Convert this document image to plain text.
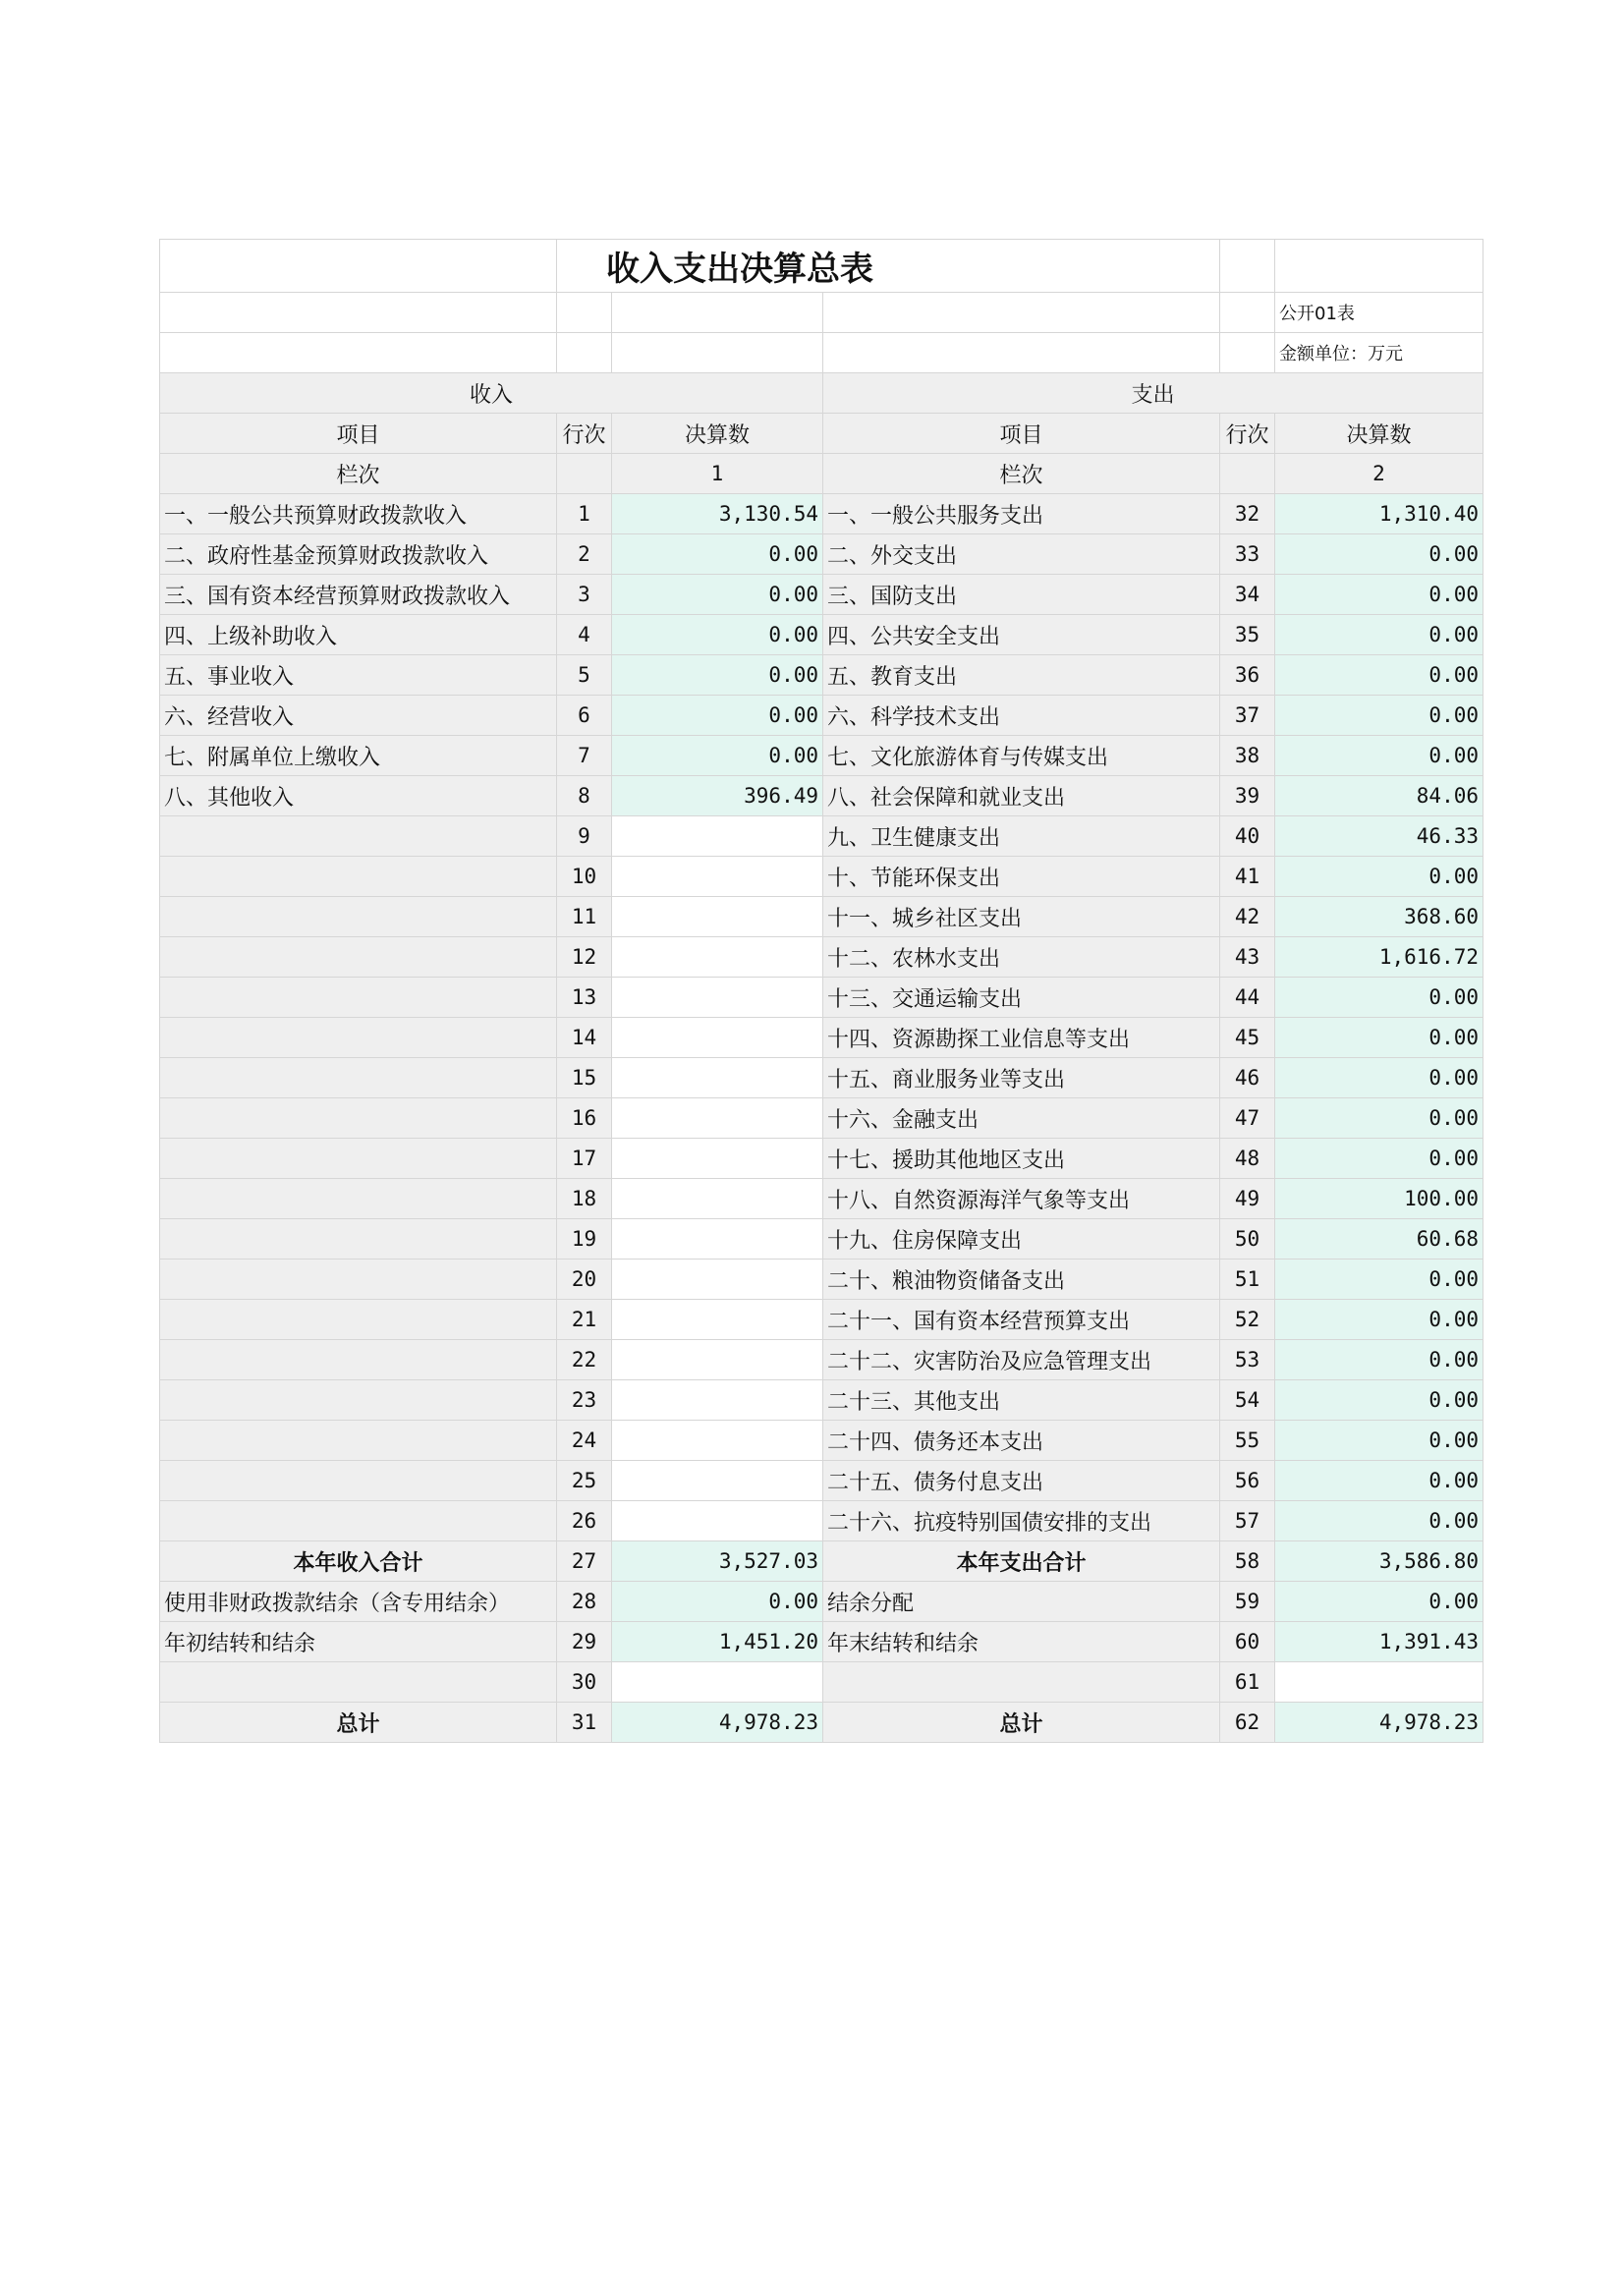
	收入支出决算总表				
					公开01表
					金额单位：万元
收入			支出		
项目	行次	决算数	项目	行次	决算数
栏次		1	栏次		2
一、一般公共预算财政拨款收入	1	3,130.54	一、一般公共服务支出	32	1,310.40
二、政府性基金预算财政拨款收入	2	0.00	二、外交支出	33	0.00
三、国有资本经营预算财政拨款收入	3	0.00	三、国防支出	34	0.00
四、上级补助收入	4	0.00	四、公共安全支出	35	0.00
五、事业收入	5	0.00	五、教育支出	36	0.00
六、经营收入	6	0.00	六、科学技术支出	37	0.00
七、附属单位上缴收入	7	0.00	七、文化旅游体育与传媒支出	38	0.00
八、其他收入	8	396.49	八、社会保障和就业支出	39	84.06
	9		九、卫生健康支出	40	46.33
	10		十、节能环保支出	41	0.00
	11		十一、城乡社区支出	42	368.60
	12		十二、农林水支出	43	1,616.72
	13		十三、交通运输支出	44	0.00
	14		十四、资源勘探工业信息等支出	45	0.00
	15		十五、商业服务业等支出	46	0.00
	16		十六、金融支出	47	0.00
	17		十七、援助其他地区支出	48	0.00
	18		十八、自然资源海洋气象等支出	49	100.00
	19		十九、住房保障支出	50	60.68
	20		二十、粮油物资储备支出	51	0.00
	21		二十一、国有资本经营预算支出	52	0.00
	22		二十二、灾害防治及应急管理支出	53	0.00
	23		二十三、其他支出	54	0.00
	24		二十四、债务还本支出	55	0.00
	25		二十五、债务付息支出	56	0.00
	26		二十六、抗疫特别国债安排的支出	57	0.00
本年收入合计	27	3,527.03	本年支出合计	58	3,586.80
使用非财政拨款结余（含专用结余）	28	0.00	结余分配	59	0.00
年初结转和结余	29	1,451.20	年末结转和结余	60	1,391.43
	30			61	
总计	31	4,978.23	总计	62	4,978.23
